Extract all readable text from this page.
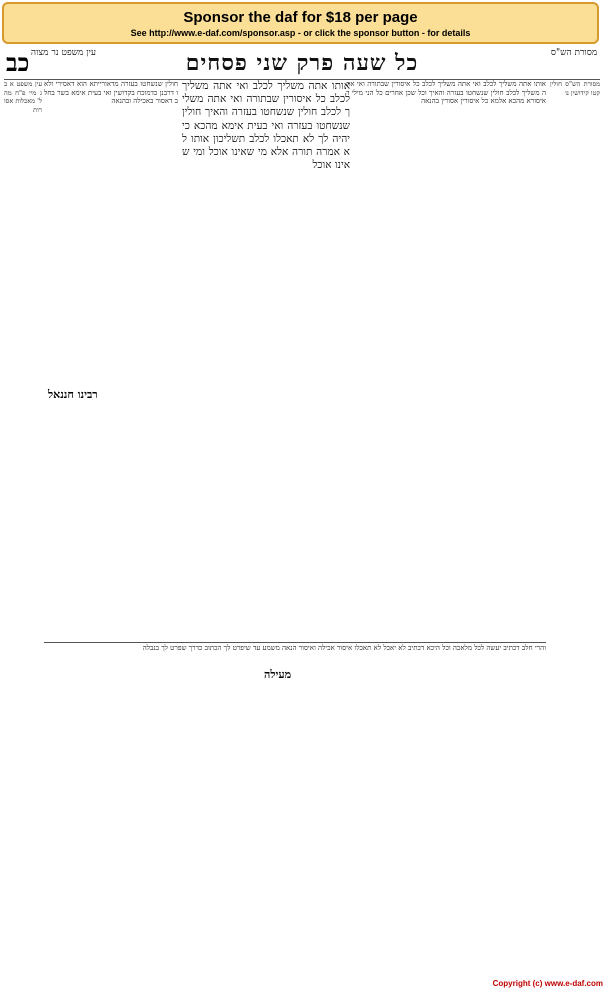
Sponsor the daf for $18 per page
See http://www.e-daf.com/sponsor.asp - or click the sponsor button - for details
מסורת הש"ס
כל שעה פרק שני פסחים
עין משפט נר מצוה
כב
מסורת הש"ס חולין קטו קידושין נו
אותו אתה משליך לכלב ואי אתה משליך לכלב כל איסורין שבתורה ואי אתה משליך לכלב חולין שנשחטו בעזרה והאיך וכל שכן אחרים כל הני מילי דאיסורא מהכא אלמא כל איסורין אסורין בהנאה
אותו אתה משליך לכלב ואי אתה משליך לכלב כל איסורין שבתורה ואי אתה משליך לכלב חולין שנשחטו בעזרה והאיך חולין שנשחטו בעזרה ואי בעית אימא מהכא כי יהיה לך לא תאכלו לכלב תשליכון אותו לא אמרה תורה אלא מי שאינו אוכל ומי שאינו אוכל
חולין שנשחטו בעזרה מדאורייתא הוא דאסירי ולאו דרבנן כדמוכח בקדושין ואי בעית אימא בשר בחלב דאסור באכילה ובהנאה
עין משפט א ב ג מיי פ"ח מהל' מאכלות אסורות
רבינו חננאל
והרי חלב דכתיב יעשה לכל מלאכה וכל היכא דכתיב לא יאכל לא תאכלו איסור אכילה ואיסור הנאה משמע עד שיפרט לך הכתוב כדרך שפרט לך בנבלה
מעילה
Copyright (c) www.e-daf.com
